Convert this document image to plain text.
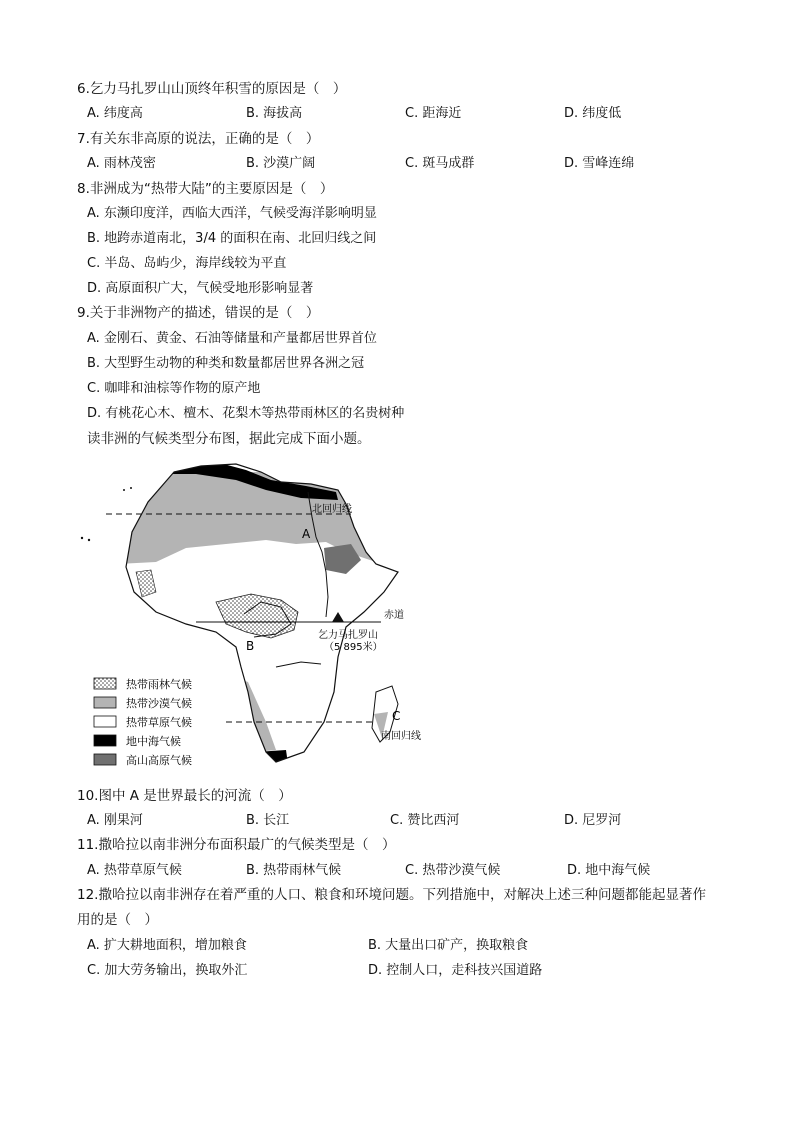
6.乞力马扎罗山山顶终年积雪的原因是（　）
A. 纬度高	B. 海拔高	C. 距海近	D. 纬度低
7.有关东非高原的说法，正确的是（　）
A. 雨林茂密	B. 沙漠广阔	C. 斑马成群	D. 雪峰连绵
8.非洲成为“热带大陆”的主要原因是（　）
A. 东濒印度洋，西临大西洋，气候受海洋影响明显
B. 地跨赤道南北，3/4 的面积在南、北回归线之间
C. 半岛、岛屿少，海岸线较为平直
D. 高原面积广大，气候受地形影响显著
9.关于非洲物产的描述，错误的是（　）
A. 金刚石、黄金、石油等储量和产量都居世界首位
B. 大型野生动物的种类和数量都居世界各洲之冠
C. 咖啡和油棕等作物的原产地
D. 有桃花心木、檀木、花梨木等热带雨林区的名贵树种
读非洲的气候类型分布图，据此完成下面小题。
北回归线
赤道
南回归线
乞力马扎罗山
（5 895米）
A
B
C
热带雨林气候
热带沙漠气候
热带草原气候
地中海气候
高山高原气候
10.图中 A 是世界最长的河流（　）
A. 刚果河	B. 长江	C. 赞比西河	D. 尼罗河
11.撒哈拉以南非洲分布面积最广的气候类型是（　）
A. 热带草原气候	B. 热带雨林气候	C. 热带沙漠气候	D. 地中海气候
12.撒哈拉以南非洲存在着严重的人口、粮食和环境问题。下列措施中，对解决上述三种问题都能起显著作
用的是（　）
A. 扩大耕地面积，增加粮食	B. 大量出口矿产，换取粮食
C. 加大劳务输出，换取外汇	D. 控制人口，走科技兴国道路
